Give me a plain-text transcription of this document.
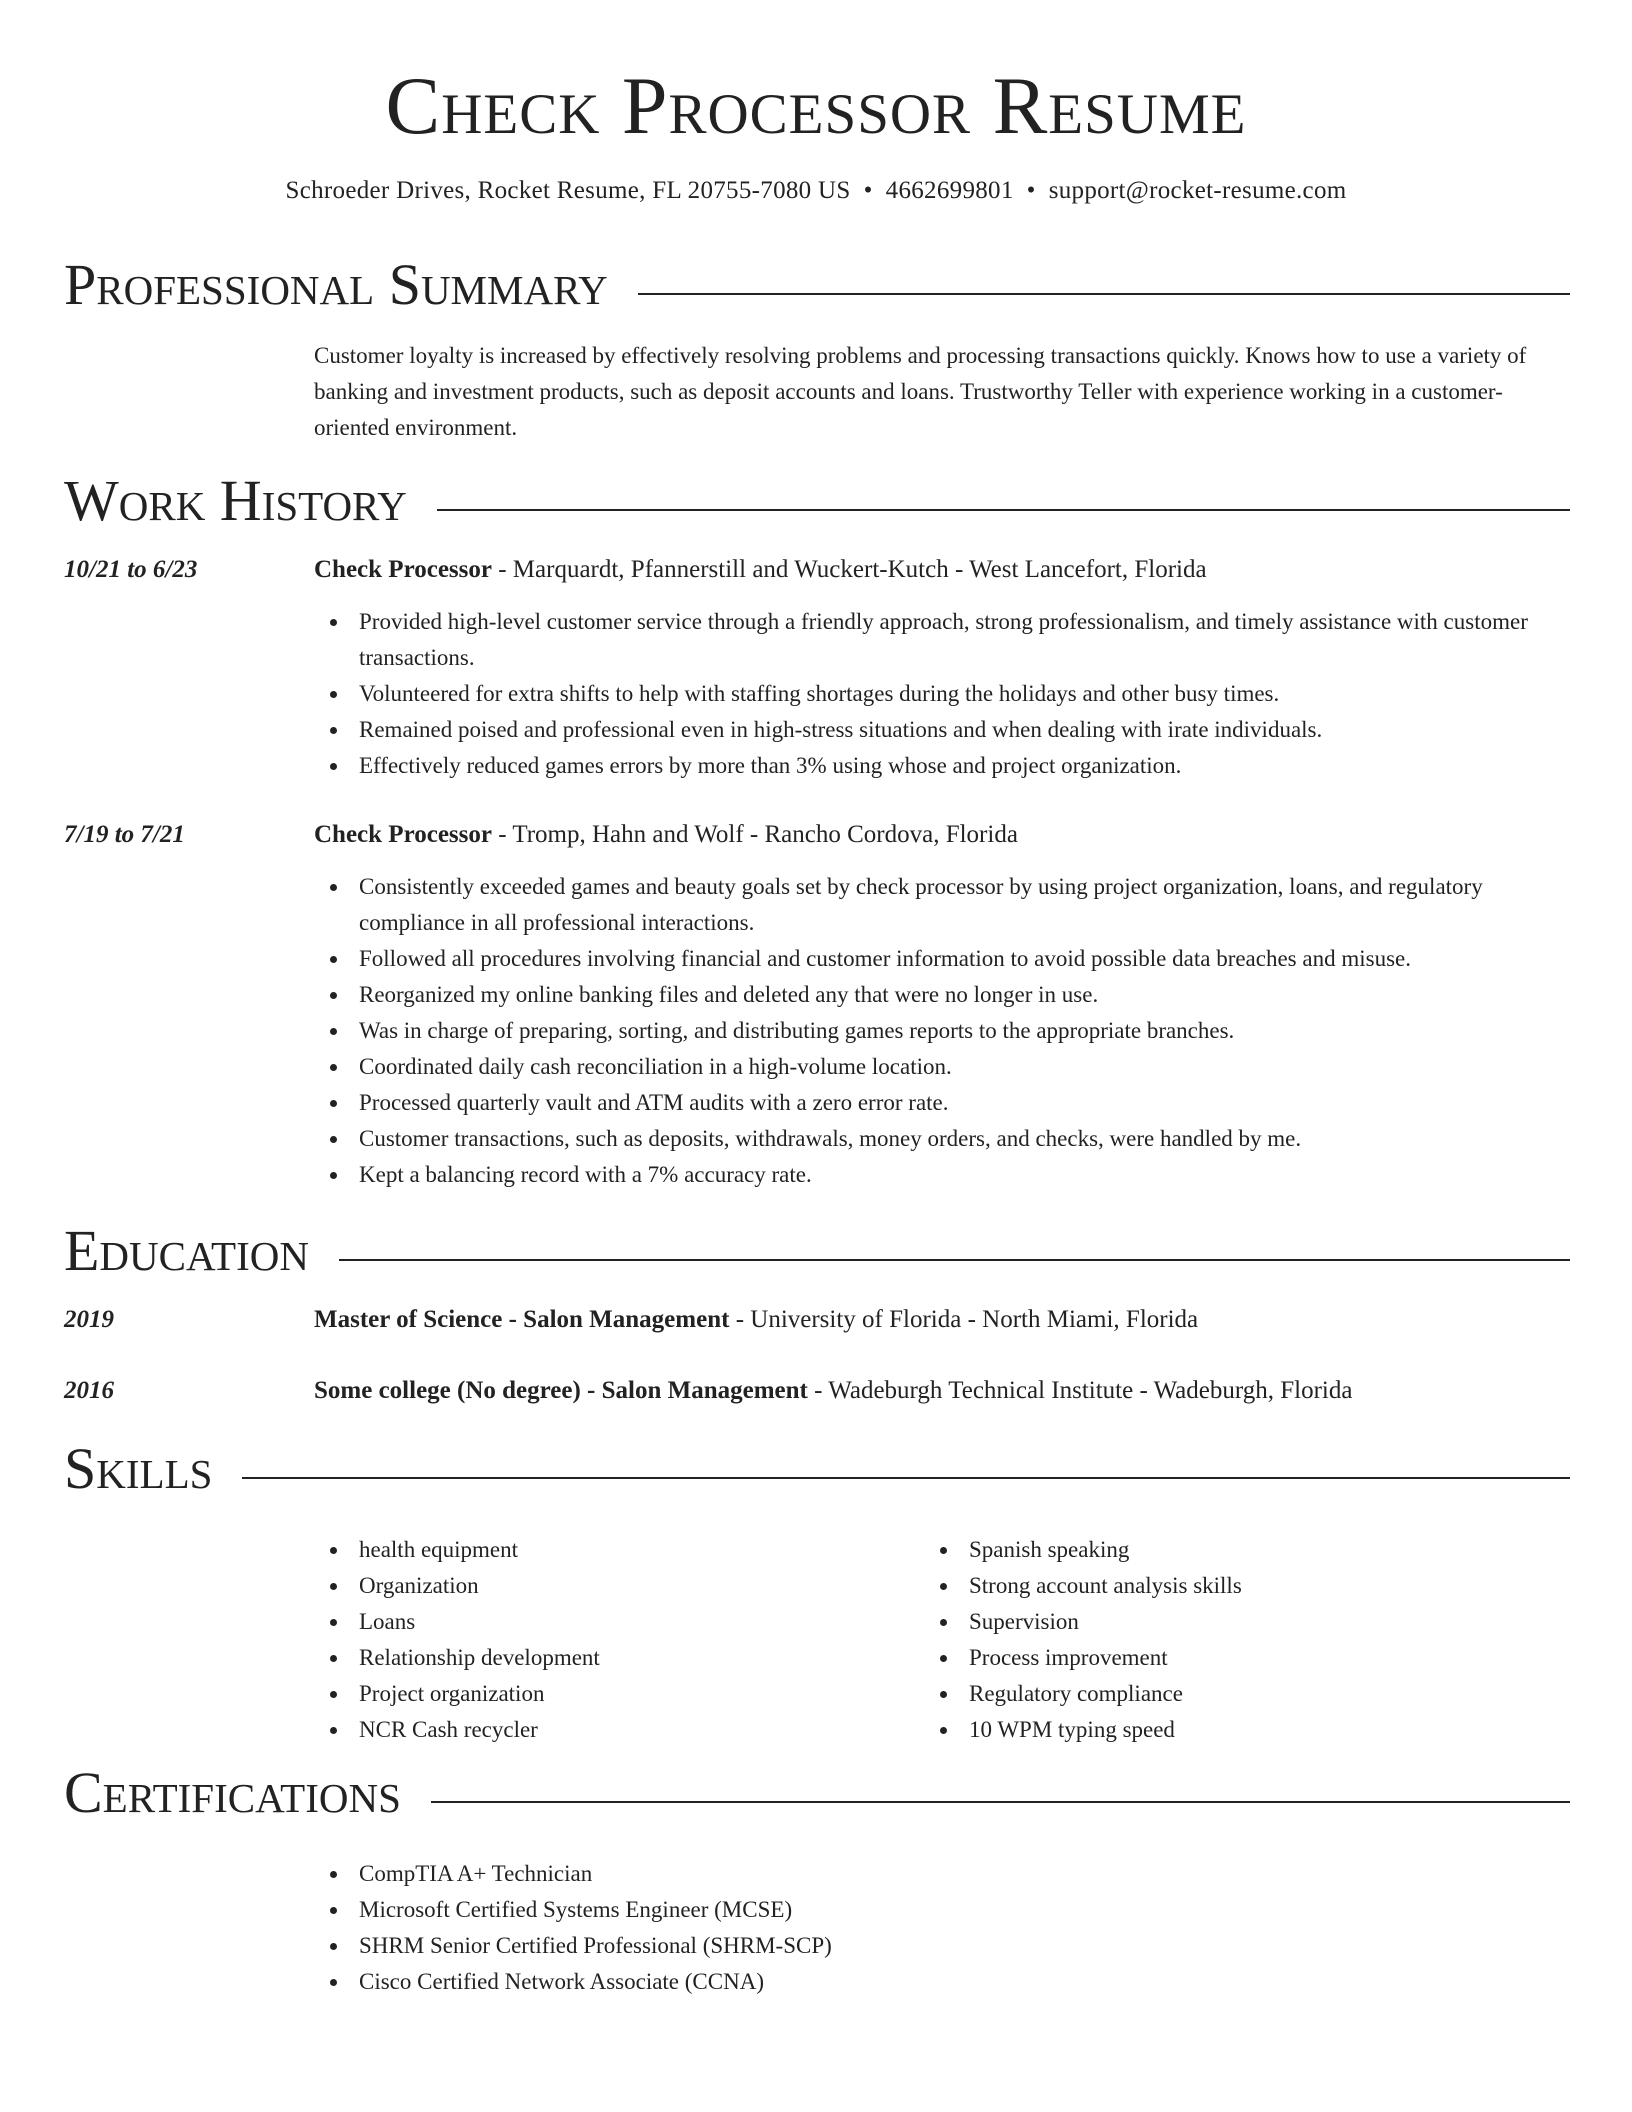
Check Processor Resume
Schroeder Drives, Rocket Resume, FL 20755-7080 US • 4662699801 • support@rocket-resume.com
Professional Summary

Customer loyalty is increased by effectively resolving problems and processing transactions quickly. Knows how to use a variety of banking and investment products, such as deposit accounts and loans. Trustworthy Teller with experience working in a customer-oriented environment.

Work History
10/21 to 6/23	Check Processor - Marquardt, Pfannerstill and Wuckert-Kutch - West Lancefort, Florida
Provided high-level customer service through a friendly approach, strong professionalism, and timely assistance with customer transactions.
Volunteered for extra shifts to help with staffing shortages during the holidays and other busy times.
Remained poised and professional even in high-stress situations and when dealing with irate individuals.
Effectively reduced games errors by more than 3% using whose and project organization.
7/19 to 7/21	Check Processor - Tromp, Hahn and Wolf - Rancho Cordova, Florida
Consistently exceeded games and beauty goals set by check processor by using project organization, loans, and regulatory compliance in all professional interactions.
Followed all procedures involving financial and customer information to avoid possible data breaches and misuse.
Reorganized my online banking files and deleted any that were no longer in use.
Was in charge of preparing, sorting, and distributing games reports to the appropriate branches.
Coordinated daily cash reconciliation in a high-volume location.
Processed quarterly vault and ATM audits with a zero error rate.
Customer transactions, such as deposits, withdrawals, money orders, and checks, were handled by me.
Kept a balancing record with a 7% accuracy rate.
Education
2019	Master of Science - Salon Management - University of Florida - North Miami, Florida
2016	Some college (No degree) - Salon Management - Wadeburgh Technical Institute - Wadeburgh, Florida
Skills
health equipment
Organization
Loans
Relationship development
Project organization
NCR Cash recycler
Spanish speaking
Strong account analysis skills
Supervision
Process improvement
Regulatory compliance
10 WPM typing speed
Certifications
CompTIA A+ Technician
Microsoft Certified Systems Engineer (MCSE)
SHRM Senior Certified Professional (SHRM-SCP)
Cisco Certified Network Associate (CCNA)
